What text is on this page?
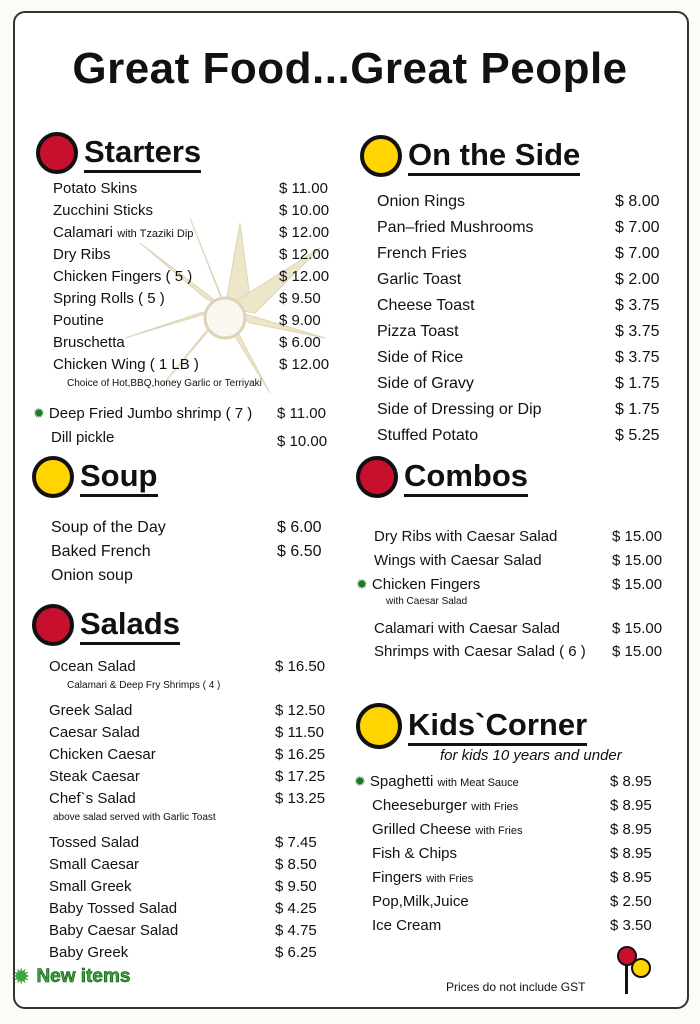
Great Food...Great People
Starters
Potato Skins	$ 11.00
Zucchini Sticks	$ 10.00
Calamari with Tzaziki Dip	$ 12.00
Dry Ribs	$ 12.00
Chicken Fingers ( 5 )	$ 12.00
Spring Rolls ( 5 )	$ 9.50
Poutine	$ 9.00
Bruschetta	$ 6.00
Chicken Wing ( 1 LB )	$ 12.00
Choice of Hot,BBQ,honey Garlic or Terriyaki
✹ Deep Fried Jumbo shrimp ( 7 ) $ 11.00
Dill pickle	$ 10.00
On the Side
Onion Rings	$ 8.00
Pan–fried Mushrooms	$ 7.00
French Fries	$ 7.00
Garlic Toast	$ 2.00
Cheese Toast	$ 3.75
Pizza Toast	$ 3.75
Side of Rice	$ 3.75
Side of Gravy	$ 1.75
Side of Dressing or Dip	$ 1.75
Stuffed Potato	$ 5.25
Soup
Soup of the Day	$ 6.00
Baked French	$ 6.50
Onion soup
Combos
Dry Ribs with Caesar Salad	$ 15.00
Wings with Caesar Salad	$ 15.00
✹ Chicken Fingers	$ 15.00
with Caesar Salad
Calamari with Caesar Salad	$ 15.00
Shrimps with Caesar Salad ( 6 ) $ 15.00
Salads
Ocean Salad	$ 16.50
Calamari & Deep Fry Shrimps ( 4 )
Greek Salad	$ 12.50
Caesar Salad	$ 11.50
Chicken Caesar	$ 16.25
Steak Caesar	$ 17.25
Chef`s Salad	$ 13.25
above salad served with Garlic Toast
Tossed Salad	$ 7.45
Small Caesar	$ 8.50
Small Greek	$ 9.50
Baby Tossed Salad	$ 4.25
Baby Caesar Salad	$ 4.75
Baby Greek	$ 6.25
Kids`Corner
for kids 10 years and under
✹ Spaghetti with Meat Sauce	$ 8.95
Cheeseburger with Fries	$ 8.95
Grilled Cheese with Fries	$ 8.95
Fish & Chips	$ 8.95
Fingers with Fries	$ 8.95
Pop,Milk,Juice	$ 2.50
Ice Cream	$ 3.50
✹ New items	Prices do not include GST
